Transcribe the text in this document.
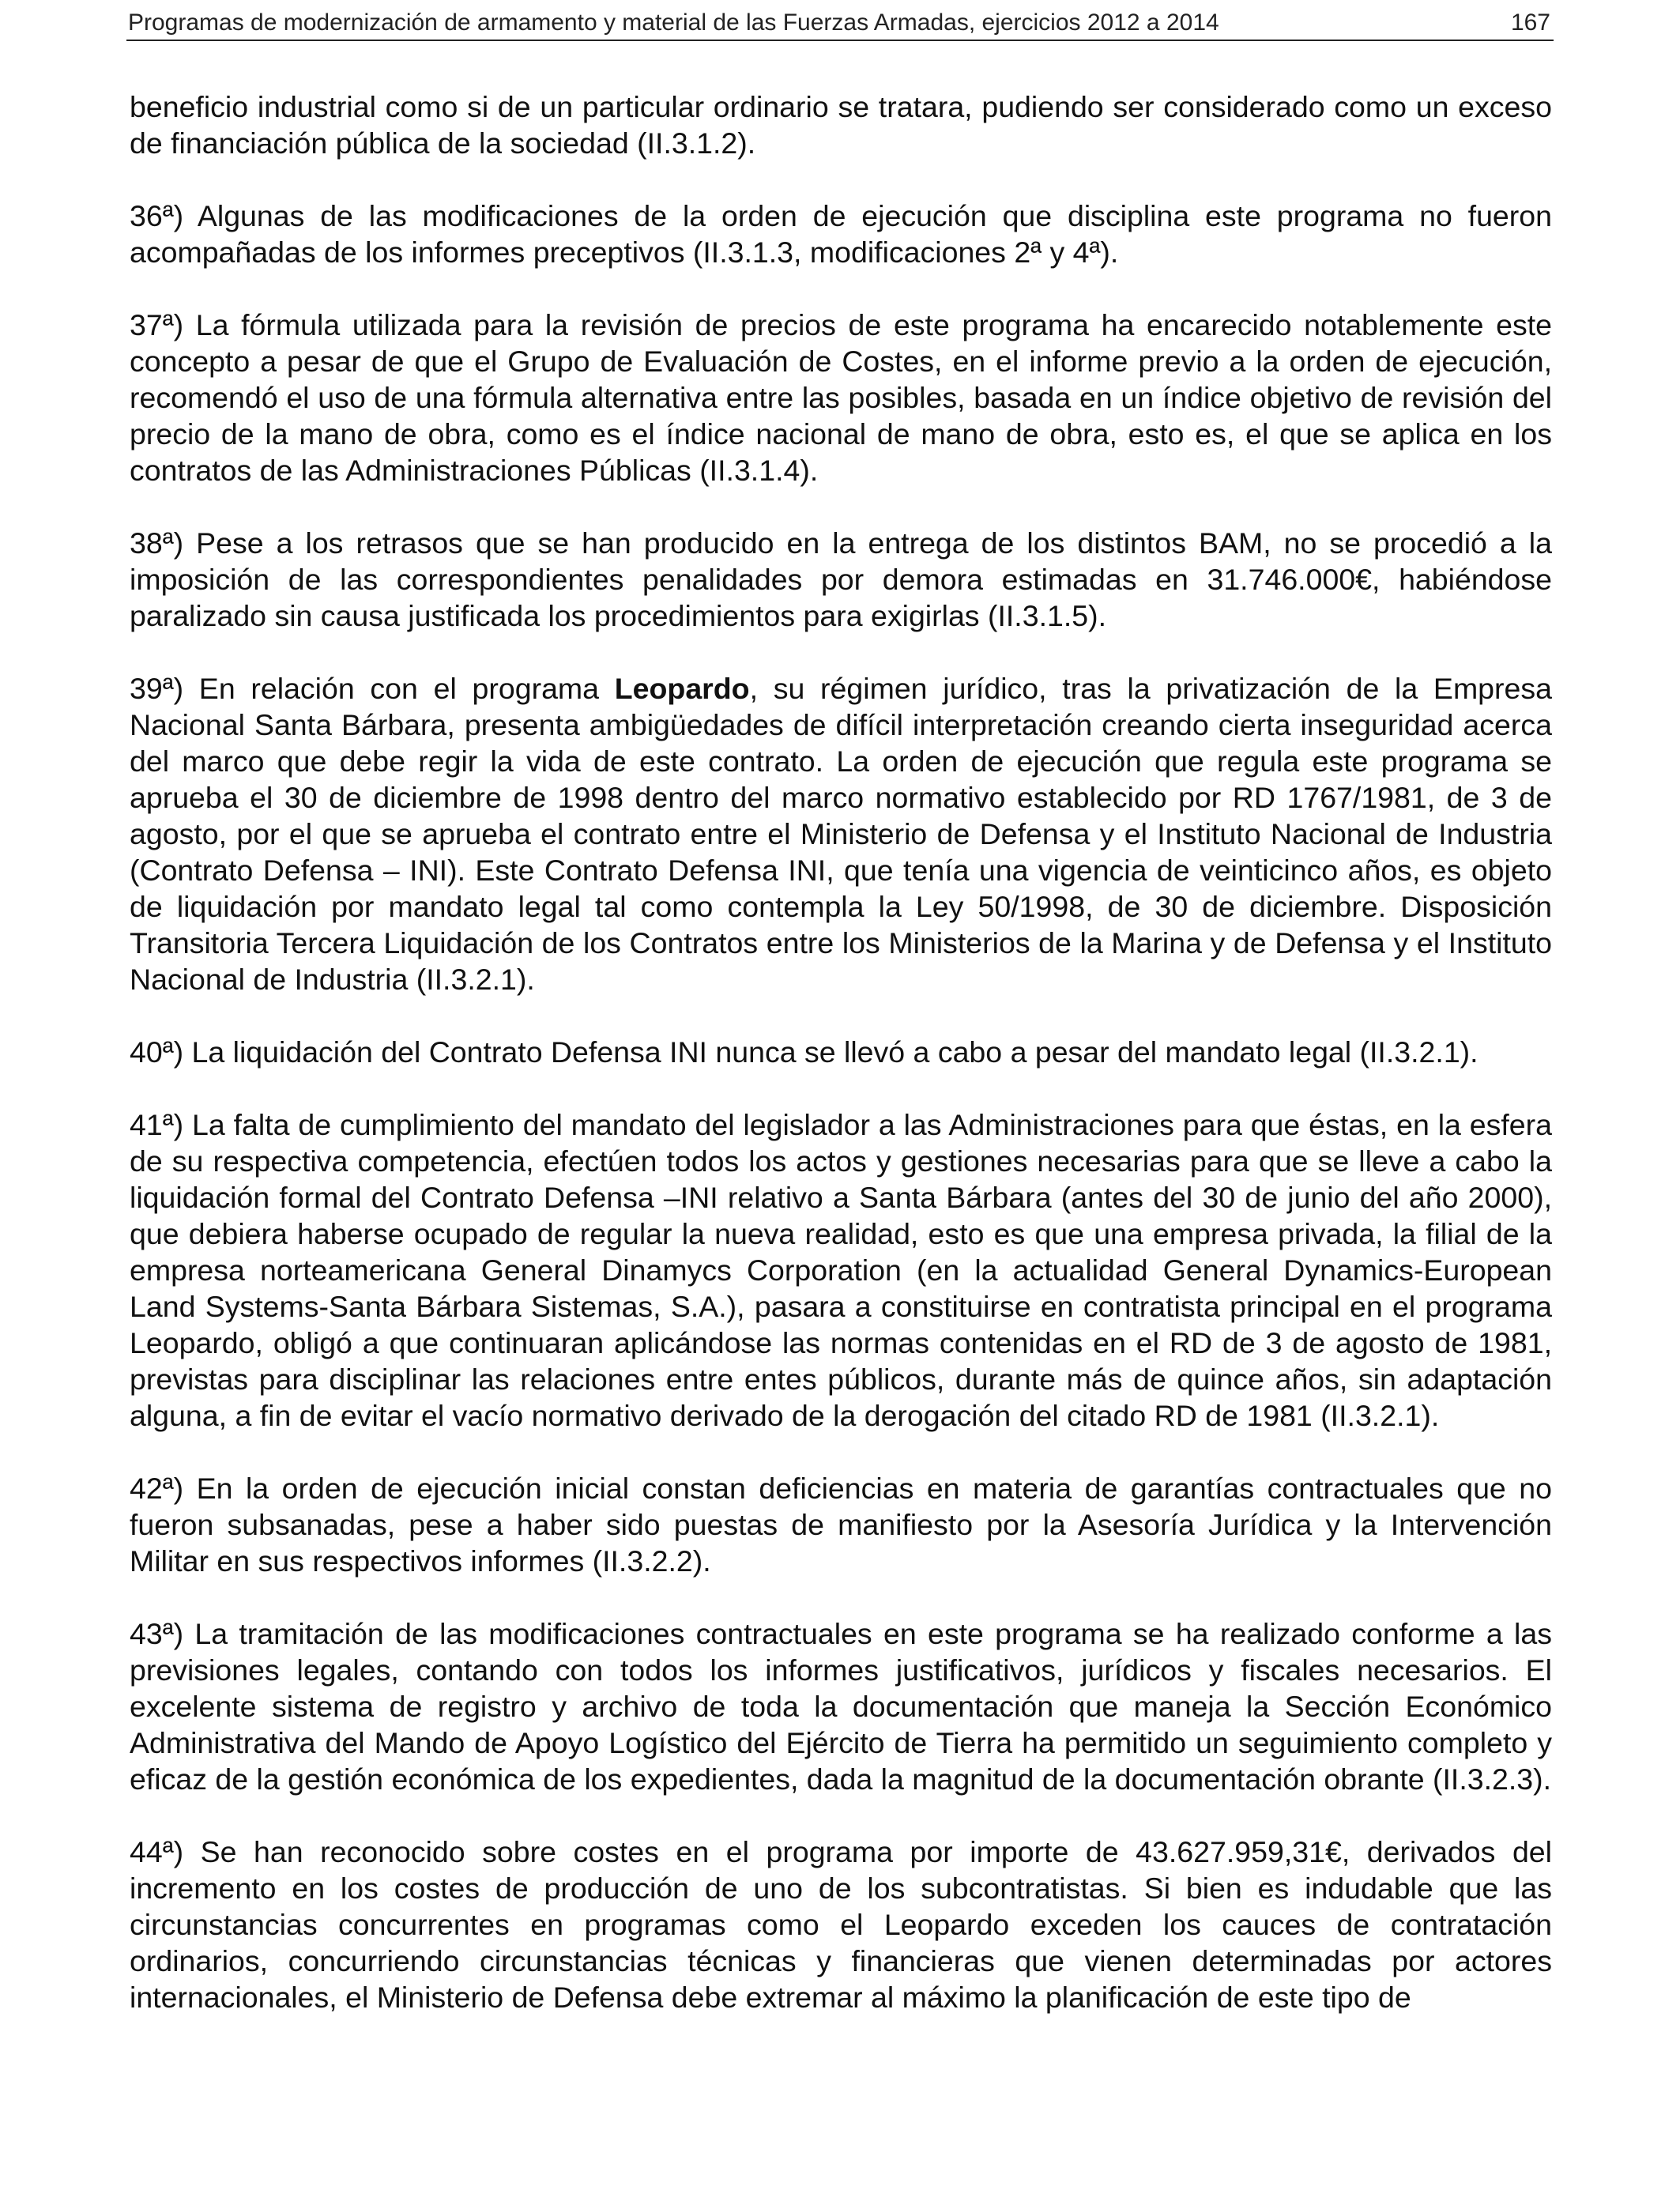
Programas de modernización de armamento y material de las Fuerzas Armadas, ejercicios 2012 a 2014	167

beneficio industrial como si de un particular ordinario se tratara, pudiendo ser considerado como un exceso de financiación pública de la sociedad (II.3.1.2).

36ª) Algunas de las modificaciones de la orden de ejecución que disciplina este programa no fueron acompañadas de los informes preceptivos (II.3.1.3, modificaciones 2ª y 4ª).

37ª) La fórmula utilizada para la revisión de precios de este programa ha encarecido notablemente este concepto a pesar de que el Grupo de Evaluación de Costes, en el informe previo a la orden de ejecución, recomendó el uso de una fórmula alternativa entre las posibles, basada en un índice objetivo de revisión del precio de la mano de obra, como es el índice nacional de mano de obra, esto es, el que se aplica en los contratos de las Administraciones Públicas (II.3.1.4).

38ª) Pese a los retrasos que se han producido en la entrega de los distintos BAM, no se procedió a la imposición de las correspondientes penalidades por demora estimadas en 31.746.000€, habiéndose paralizado sin causa justificada los procedimientos para exigirlas (II.3.1.5).

39ª) En relación con el programa Leopardo, su régimen jurídico, tras la privatización de la Empresa Nacional Santa Bárbara, presenta ambigüedades de difícil interpretación creando cierta inseguridad acerca del marco que debe regir la vida de este contrato. La orden de ejecución que regula este programa se aprueba el 30 de diciembre de 1998 dentro del marco normativo establecido por RD 1767/1981, de 3 de agosto, por el que se aprueba el contrato entre el Ministerio de Defensa y el Instituto Nacional de Industria (Contrato Defensa – INI). Este Contrato Defensa INI, que tenía una vigencia de veinticinco años, es objeto de liquidación por mandato legal tal como contempla la Ley 50/1998, de 30 de diciembre. Disposición Transitoria Tercera Liquidación de los Contratos entre los Ministerios de la Marina y de Defensa y el Instituto Nacional de Industria (II.3.2.1).

40ª) La liquidación del Contrato Defensa INI nunca se llevó a cabo a pesar del mandato legal (II.3.2.1).

41ª) La falta de cumplimiento del mandato del legislador a las Administraciones para que éstas, en la esfera de su respectiva competencia, efectúen todos los actos y gestiones necesarias para que se lleve a cabo la liquidación formal del Contrato Defensa –INI relativo a Santa Bárbara (antes del 30 de junio del año 2000), que debiera haberse ocupado de regular la nueva realidad, esto es que una empresa privada, la filial de la empresa norteamericana General Dinamycs Corporation (en la actualidad General Dynamics-European Land Systems-Santa Bárbara Sistemas, S.A.), pasara a constituirse en contratista principal en el programa Leopardo, obligó a que continuaran aplicándose las normas contenidas en el RD de 3 de agosto de 1981, previstas para disciplinar las relaciones entre entes públicos, durante más de quince años, sin adaptación alguna, a fin de evitar el vacío normativo derivado de la derogación del citado RD de 1981 (II.3.2.1).

42ª) En la orden de ejecución inicial constan deficiencias en materia de garantías contractuales que no fueron subsanadas, pese a haber sido puestas de manifiesto por la Asesoría Jurídica y la Intervención Militar en sus respectivos informes (II.3.2.2).

43ª) La tramitación de las modificaciones contractuales en este programa se ha realizado conforme a las previsiones legales, contando con todos los informes justificativos, jurídicos y fiscales necesarios. El excelente sistema de registro y archivo de toda la documentación que maneja la Sección Económico Administrativa del Mando de Apoyo Logístico del Ejército de Tierra ha permitido un seguimiento completo y eficaz de la gestión económica de los expedientes, dada la magnitud de la documentación obrante (II.3.2.3).

44ª) Se han reconocido sobre costes en el programa por importe de 43.627.959,31€, derivados del incremento en los costes de producción de uno de los subcontratistas. Si bien es indudable que las circunstancias concurrentes en programas como el Leopardo exceden los cauces de contratación ordinarios, concurriendo circunstancias técnicas y financieras que vienen determinadas por actores internacionales, el Ministerio de Defensa debe extremar al máximo la planificación de este tipo de
